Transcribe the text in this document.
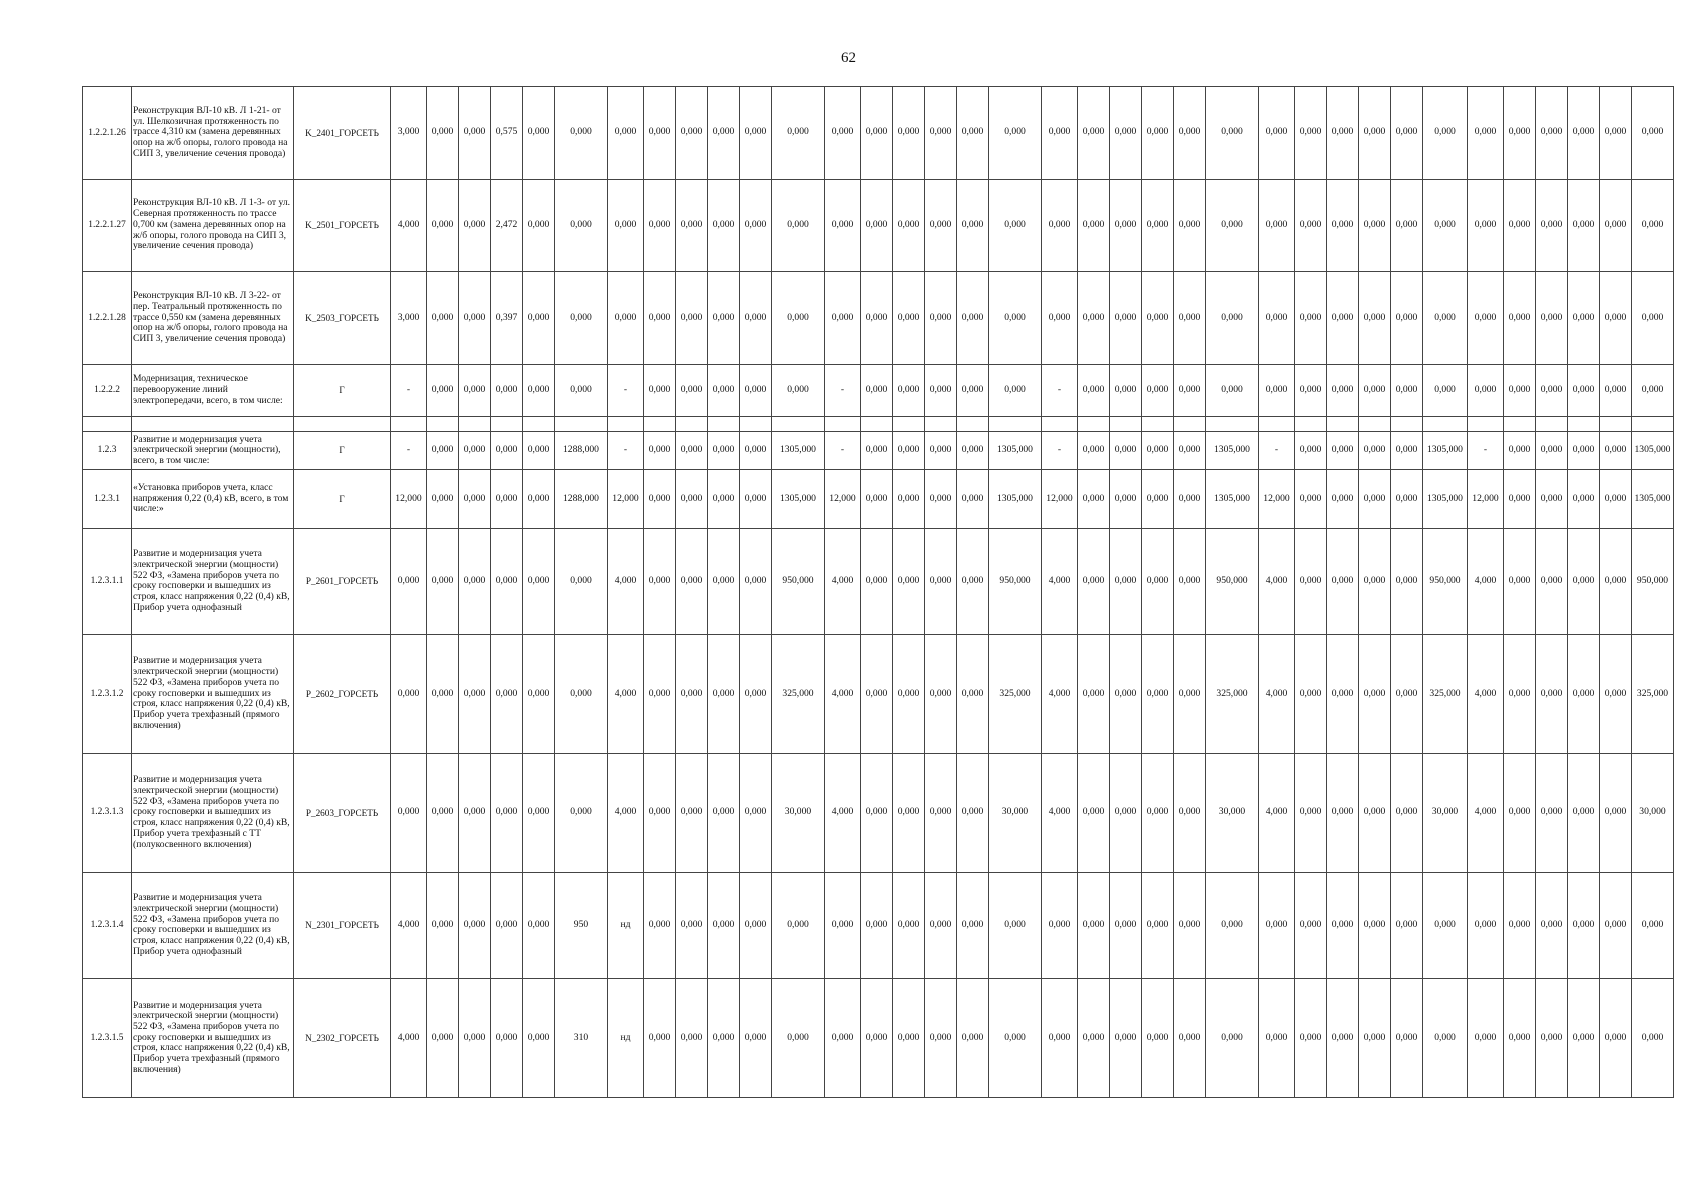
62
1.2.2.1.26	Реконструкция ВЛ-10 кВ. Л 1-21- от ул. Шелкозичная протяженность по трассе 4,310 км (замена деревянных опор на ж/б опоры, голого провода на СИП 3, увеличение сечения провода)	K_2401_ГОРСЕТЬ	3,000	0,000	0,000	0,575	0,000	0,000	0,000	0,000	0,000	0,000	0,000	0,000	0,000	0,000	0,000	0,000	0,000	0,000	0,000	0,000	0,000	0,000	0,000	0,000	0,000	0,000	0,000	0,000	0,000	0,000	0,000	0,000	0,000	0,000	0,000	0,000
1.2.2.1.27	Реконструкция ВЛ-10 кВ. Л 1-3- от ул. Северная протяженность по трассе 0,700 км (замена деревянных опор на ж/б опоры, голого провода на СИП 3, увеличение сечения провода)	K_2501_ГОРСЕТЬ	4,000	0,000	0,000	2,472	0,000	0,000	0,000	0,000	0,000	0,000	0,000	0,000	0,000	0,000	0,000	0,000	0,000	0,000	0,000	0,000	0,000	0,000	0,000	0,000	0,000	0,000	0,000	0,000	0,000	0,000	0,000	0,000	0,000	0,000	0,000	0,000
1.2.2.1.28	Реконструкция ВЛ-10 кВ. Л 3-22- от пер. Театральный протяженность по трассе 0,550 км (замена деревянных опор на ж/б опоры, голого провода на СИП 3, увеличение сечения провода)	K_2503_ГОРСЕТЬ	3,000	0,000	0,000	0,397	0,000	0,000	0,000	0,000	0,000	0,000	0,000	0,000	0,000	0,000	0,000	0,000	0,000	0,000	0,000	0,000	0,000	0,000	0,000	0,000	0,000	0,000	0,000	0,000	0,000	0,000	0,000	0,000	0,000	0,000	0,000	0,000
1.2.2.2	Модернизация, техническое перевооружение линий электропередачи, всего, в том числе:	Г	-	0,000	0,000	0,000	0,000	0,000	-	0,000	0,000	0,000	0,000	0,000	-	0,000	0,000	0,000	0,000	0,000	-	0,000	0,000	0,000	0,000	0,000	0,000	0,000	0,000	0,000	0,000	0,000	0,000	0,000	0,000	0,000	0,000	0,000

1.2.3	Развитие и модернизация учета электрической энергии (мощности), всего, в том числе:	Г	-	0,000	0,000	0,000	0,000	1288,000	-	0,000	0,000	0,000	0,000	1305,000	-	0,000	0,000	0,000	0,000	1305,000	-	0,000	0,000	0,000	0,000	1305,000	-	0,000	0,000	0,000	0,000	1305,000	-	0,000	0,000	0,000	0,000	1305,000
1.2.3.1	«Установка приборов учета, класс напряжения 0,22 (0,4) кВ, всего, в том числе:»	Г	12,000	0,000	0,000	0,000	0,000	1288,000	12,000	0,000	0,000	0,000	0,000	1305,000	12,000	0,000	0,000	0,000	0,000	1305,000	12,000	0,000	0,000	0,000	0,000	1305,000	12,000	0,000	0,000	0,000	0,000	1305,000	12,000	0,000	0,000	0,000	0,000	1305,000
1.2.3.1.1	Развитие и модернизация учета электрической энергии (мощности) 522 ФЗ, «Замена приборов учета по сроку госповерки и вышедших из строя, класс напряжения 0,22 (0,4) кВ, Прибор учета однофазный	P_2601_ГОРСЕТЬ	0,000	0,000	0,000	0,000	0,000	0,000	4,000	0,000	0,000	0,000	0,000	950,000	4,000	0,000	0,000	0,000	0,000	950,000	4,000	0,000	0,000	0,000	0,000	950,000	4,000	0,000	0,000	0,000	0,000	950,000	4,000	0,000	0,000	0,000	0,000	950,000
1.2.3.1.2	Развитие и модернизация учета электрической энергии (мощности) 522 ФЗ, «Замена приборов учета по сроку госповерки и вышедших из строя, класс напряжения 0,22 (0,4) кВ, Прибор учета трехфазный (прямого включения)	P_2602_ГОРСЕТЬ	0,000	0,000	0,000	0,000	0,000	0,000	4,000	0,000	0,000	0,000	0,000	325,000	4,000	0,000	0,000	0,000	0,000	325,000	4,000	0,000	0,000	0,000	0,000	325,000	4,000	0,000	0,000	0,000	0,000	325,000	4,000	0,000	0,000	0,000	0,000	325,000
1.2.3.1.3	Развитие и модернизация учета электрической энергии (мощности) 522 ФЗ, «Замена приборов учета по сроку госповерки и вышедших из строя, класс напряжения 0,22 (0,4) кВ, Прибор учета трехфазный с ТТ (полукосвенного включения)	P_2603_ГОРСЕТЬ	0,000	0,000	0,000	0,000	0,000	0,000	4,000	0,000	0,000	0,000	0,000	30,000	4,000	0,000	0,000	0,000	0,000	30,000	4,000	0,000	0,000	0,000	0,000	30,000	4,000	0,000	0,000	0,000	0,000	30,000	4,000	0,000	0,000	0,000	0,000	30,000
1.2.3.1.4	Развитие и модернизация учета электрической энергии (мощности) 522 ФЗ, «Замена приборов учета по сроку госповерки и вышедших из строя, класс напряжения 0,22 (0,4) кВ, Прибор учета однофазный	N_2301_ГОРСЕТЬ	4,000	0,000	0,000	0,000	0,000	950	нд	0,000	0,000	0,000	0,000	0,000	0,000	0,000	0,000	0,000	0,000	0,000	0,000	0,000	0,000	0,000	0,000	0,000	0,000	0,000	0,000	0,000	0,000	0,000	0,000	0,000	0,000	0,000	0,000	0,000
1.2.3.1.5	Развитие и модернизация учета электрической энергии (мощности) 522 ФЗ, «Замена приборов учета по сроку госповерки и вышедших из строя, класс напряжения 0,22 (0,4) кВ, Прибор учета трехфазный (прямого включения)	N_2302_ГОРСЕТЬ	4,000	0,000	0,000	0,000	0,000	310	нд	0,000	0,000	0,000	0,000	0,000	0,000	0,000	0,000	0,000	0,000	0,000	0,000	0,000	0,000	0,000	0,000	0,000	0,000	0,000	0,000	0,000	0,000	0,000	0,000	0,000	0,000	0,000	0,000	0,000
